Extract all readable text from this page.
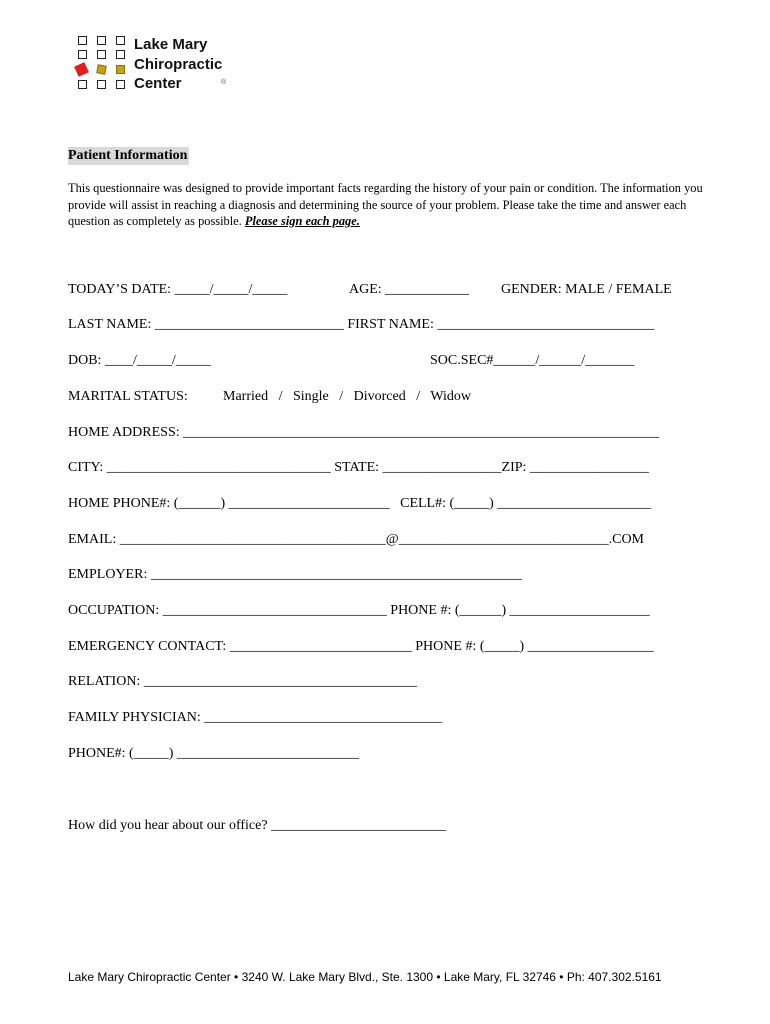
Lake Mary
Chiropractic
Center	®
Patient Information
This questionnaire was designed to provide important facts regarding the history of your pain or condition. The information you provide will assist in reaching a diagnosis and determining the source of your problem. Please take the time and answer each question as completely as possible. Please sign each page.
TODAY’S DATE: _____/_____/_____	AGE: ____________ GENDER: MALE / FEMALE
LAST NAME: ___________________________ FIRST NAME: _______________________________
DOB: ____/_____/_____	SOC.SEC#______/______/_______
MARITAL STATUS:	Married   /   Single   /   Divorced   /   Widow
HOME ADDRESS: ____________________________________________________________________
CITY: ________________________________ STATE: _________________ZIP: _________________
HOME PHONE#: (______) _______________________   CELL#: (_____) ______________________
EMAIL: ______________________________________@______________________________.COM
EMPLOYER: _____________________________________________________
OCCUPATION: ________________________________ PHONE #: (______) ____________________
EMERGENCY CONTACT: __________________________ PHONE #: (_____) __________________
RELATION: _______________________________________
FAMILY PHYSICIAN: __________________________________
PHONE#: (_____) __________________________
How did you hear about our office? _________________________
Lake Mary Chiropractic Center • 3240 W. Lake Mary Blvd., Ste. 1300 • Lake Mary, FL 32746 • Ph: 407.302.5161
